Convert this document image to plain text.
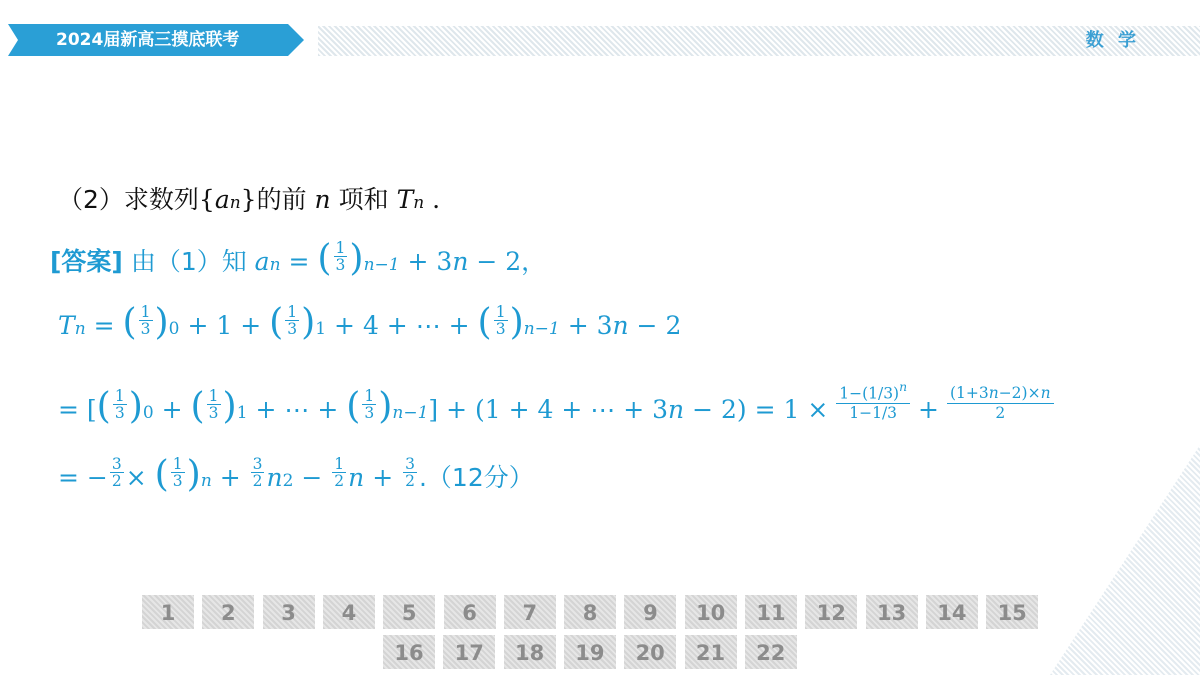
2024届新高三摸底联考	数 学
（2）求数列{an}的前 n 项和 Tn .
[答案] 由（1）知 an = ( $\frac{1}{3} )n-1 + 3n - 2$，
Tn = ( $\frac{1}{3} )0 + 1$ + ( $\frac{1}{3} )1 + 4$ + ⋯ + ( $\frac{1}{3} )n-1 + 3n - 2$
= [( $\frac{1}{3} )0$ + ( $\frac{1}{3} )1$ + ⋯ + ( $\frac{1}{3} )n-1] + (1 + 4$ + ⋯ + $3n - 2) = 1 \times \frac{1-(1/3)^n}{1-1/3} + \frac{(1+3n-2)\times n}{2}$
= − $\frac{3}{2}$ × ( $\frac{1}{3} )n + \frac{3}{2} n2 - \frac{1}{2}$ $n + \frac{3}{2} .(12$分）
1	2	3	4	5	6	7	8	9	10	11	12	13	14	15
16	17	18	19	20	21	22
